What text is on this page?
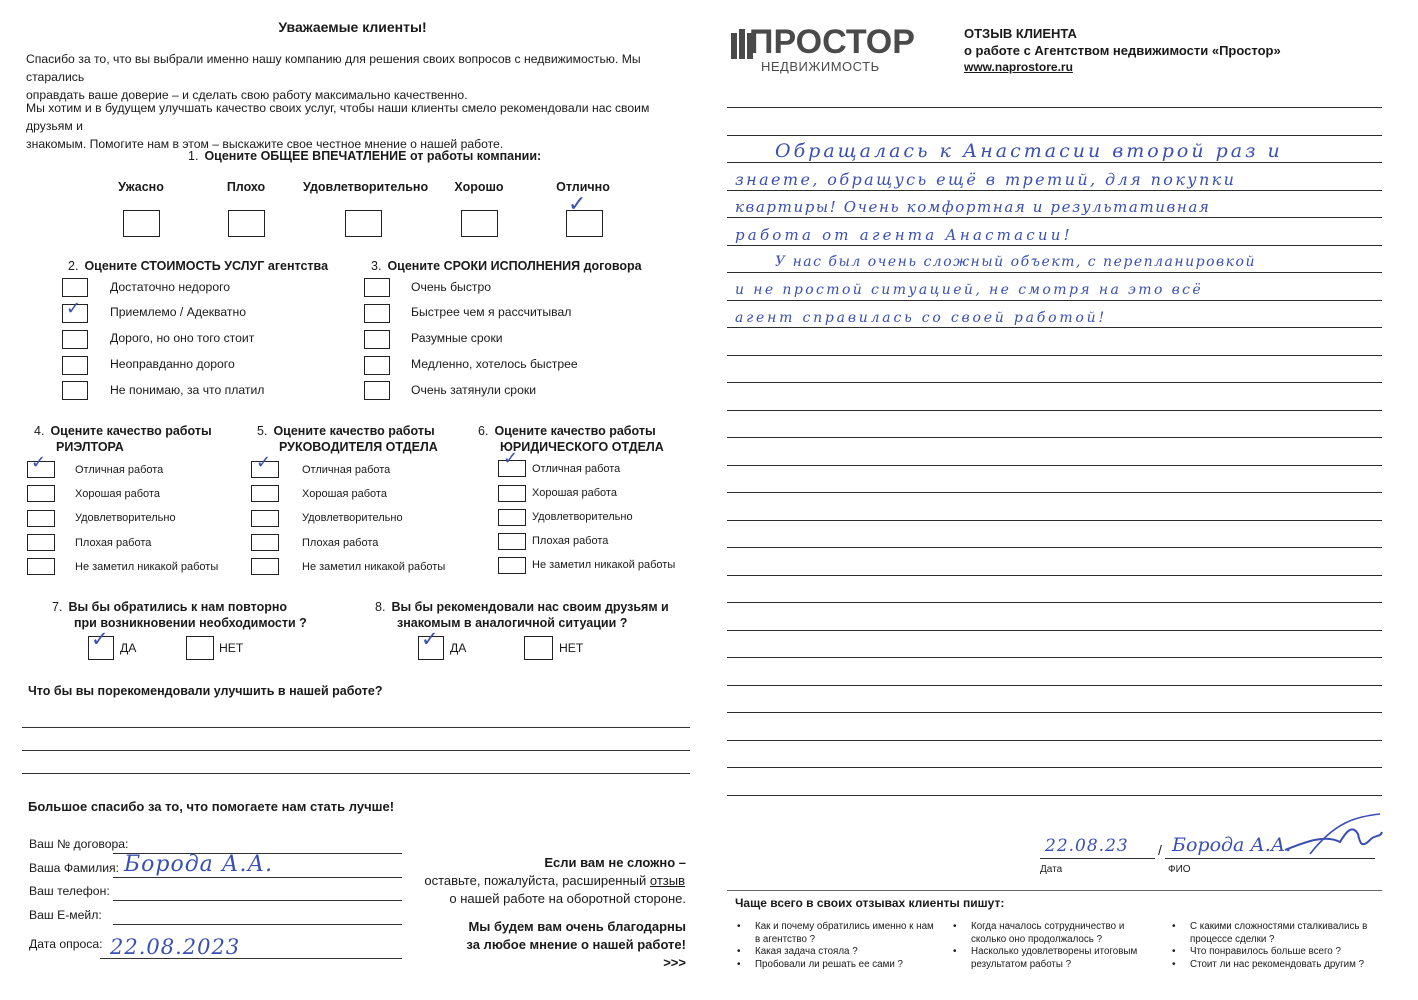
Уважаемые клиенты!
Спасибо за то, что вы выбрали именно нашу компанию для решения своих вопросов с недвижимостью. Мы старались
оправдать ваше доверие – и сделать свою работу максимально качественно.
Мы хотим и в будущем улучшать качество своих услуг, чтобы наши клиенты смело рекомендовали нас своим друзьям и
знакомым. Помогите нам в этом – выскажите свое честное мнение о нашей работе.
1. Оцените ОБЩЕЕ ВПЕЧАТЛЕНИЕ от работы компании:
Ужасно	Плохо	Удовлетворительно	Хорошо	Отлично
✓
2. Оцените СТОИМОСТЬ УСЛУГ агентства
Достаточно недорого
✓ Приемлемо / Адекватно
Дорого, но оно того стоит
Неоправданно дорого
Не понимаю, за что платил
3. Оцените СРОКИ ИСПОЛНЕНИЯ договора
Очень быстро
Быстрее чем я рассчитывал
Разумные сроки
Медленно, хотелось быстрее
Очень затянули сроки
4. Оцените качество работы
РИЭЛТОРА
5. Оцените качество работы
РУКОВОДИТЕЛЯ ОТДЕЛА
6. Оцените качество работы
ЮРИДИЧЕСКОГО ОТДЕЛА
✓	Отличная работа
Хорошая работа
Удовлетворительно
Плохая работа
Не заметил никакой работы
✓	Отличная работа
Хорошая работа
Удовлетворительно
Плохая работа
Не заметил никакой работы
✓ Отличная работа
Хорошая работа
Удовлетворительно
Плохая работа
Не заметил никакой работы
7. Вы бы обратились к нам повторно
при возникновении необходимости ?
✓ ДА	НЕТ
8. Вы бы рекомендовали нас своим друзьям и
знакомым в аналогичной ситуации ?
✓ ДА	НЕТ
Что бы вы порекомендовали улучшить в нашей работе?
Большое спасибо за то, что помогаете нам стать лучше!
Ваш № договора:
Ваша Фамилия: Борода А.А.
Ваш телефон:
Ваш Е-мейл:
Дата опроса: 22.08.2023
Если вам не сложно –
оставьте, пожалуйста, расширенный отзыв
о нашей работе на оборотной стороне.
Мы будем вам очень благодарны
за любое мнение о нашей работе!
>>>
ПРОСТОР
НЕДВИЖИМОСТЬ
ОТЗЫВ КЛИЕНТА
о работе с Агентством недвижимости «Простор»
www.naprostore.ru
Обращалась к Анастасии второй раз и
знаете, обращусь ещё в третий, для покупки
квартиры! Очень комфортная и результативная
работа от агента Анастасии!
У нас был очень сложный объект, с перепланировкой
и не простой ситуацией, не смотря на это всё
агент справилась со своей работой!
22.08.23 / Борода А.А.
Дата	ФИО
Чаще всего в своих отзывах клиенты пишут:
• Как и почему обратились именно к нам в агентство ?
• Какая задача стояла ?
• Пробовали ли решать ее сами ?
• Когда началось сотрудничество и сколько оно продолжалось ?
• Насколько удовлетворены итоговым результатом работы ?
• С какими сложностями сталкивались в процессе сделки ?
• Что понравилось больше всего ?
• Стоит ли нас рекомендовать другим ?
